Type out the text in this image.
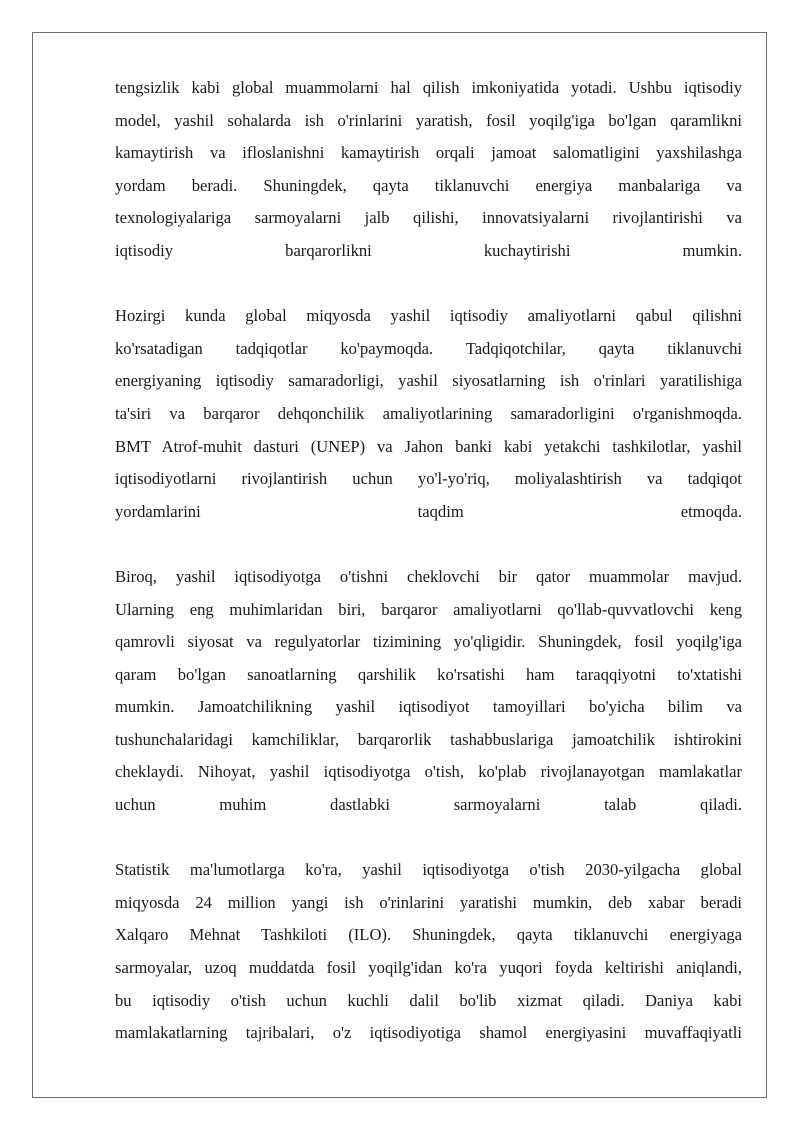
tengsizlik kabi global muammolarni hal qilish imkoniyatida yotadi. Ushbu iqtisodiy
model, yashil sohalarda ish o'rinlarini yaratish, fosil yoqilg'iga bo'lgan qaramlikni
kamaytirish va ifloslanishni kamaytirish orqali jamoat salomatligini yaxshilashga
yordam beradi. Shuningdek, qayta tiklanuvchi energiya manbalariga va
texnologiyalariga sarmoyalarni jalb qilishi, innovatsiyalarni rivojlantirishi va
iqtisodiy barqarorlikni kuchaytirishi mumkin.

Hozirgi kunda global miqyosda yashil iqtisodiy amaliyotlarni qabul qilishni
ko'rsatadigan tadqiqotlar ko'paymoqda. Tadqiqotchilar, qayta tiklanuvchi
energiyaning iqtisodiy samaradorligi, yashil siyosatlarning ish o'rinlari yaratilishiga
ta'siri va barqaror dehqonchilik amaliyotlarining samaradorligini o'rganishmoqda.
BMT Atrof-muhit dasturi (UNEP) va Jahon banki kabi yetakchi tashkilotlar, yashil
iqtisodiyotlarni rivojlantirish uchun yo'l-yo'riq, moliyalashtirish va tadqiqot
yordamlarini taqdim etmoqda.

Biroq, yashil iqtisodiyotga o'tishni cheklovchi bir qator muammolar mavjud.
Ularning eng muhimlaridan biri, barqaror amaliyotlarni qo'llab-quvvatlovchi keng
qamrovli siyosat va regulyatorlar tizimining yo'qligidir. Shuningdek, fosil yoqilg'iga
qaram bo'lgan sanoatlarning qarshilik ko'rsatishi ham taraqqiyotni to'xtatishi
mumkin. Jamoatchilikning yashil iqtisodiyot tamoyillari bo'yicha bilim va
tushunchalaridagi kamchiliklar, barqarorlik tashabbuslariga jamoatchilik ishtirokini
cheklaydi. Nihoyat, yashil iqtisodiyotga o'tish, ko'plab rivojlanayotgan mamlakatlar
uchun muhim dastlabki sarmoyalarni talab qiladi.

Statistik ma'lumotlarga ko'ra, yashil iqtisodiyotga o'tish 2030-yilgacha global
miqyosda 24 million yangi ish o'rinlarini yaratishi mumkin, deb xabar beradi
Xalqaro Mehnat Tashkiloti (ILO). Shuningdek, qayta tiklanuvchi energiyaga
sarmoyalar, uzoq muddatda fosil yoqilg'idan ko'ra yuqori foyda keltirishi aniqlandi,
bu iqtisodiy o'tish uchun kuchli dalil bo'lib xizmat qiladi. Daniya kabi
mamlakatlarning tajribalari, o'z iqtisodiyotiga shamol energiyasini muvaffaqiyatli
